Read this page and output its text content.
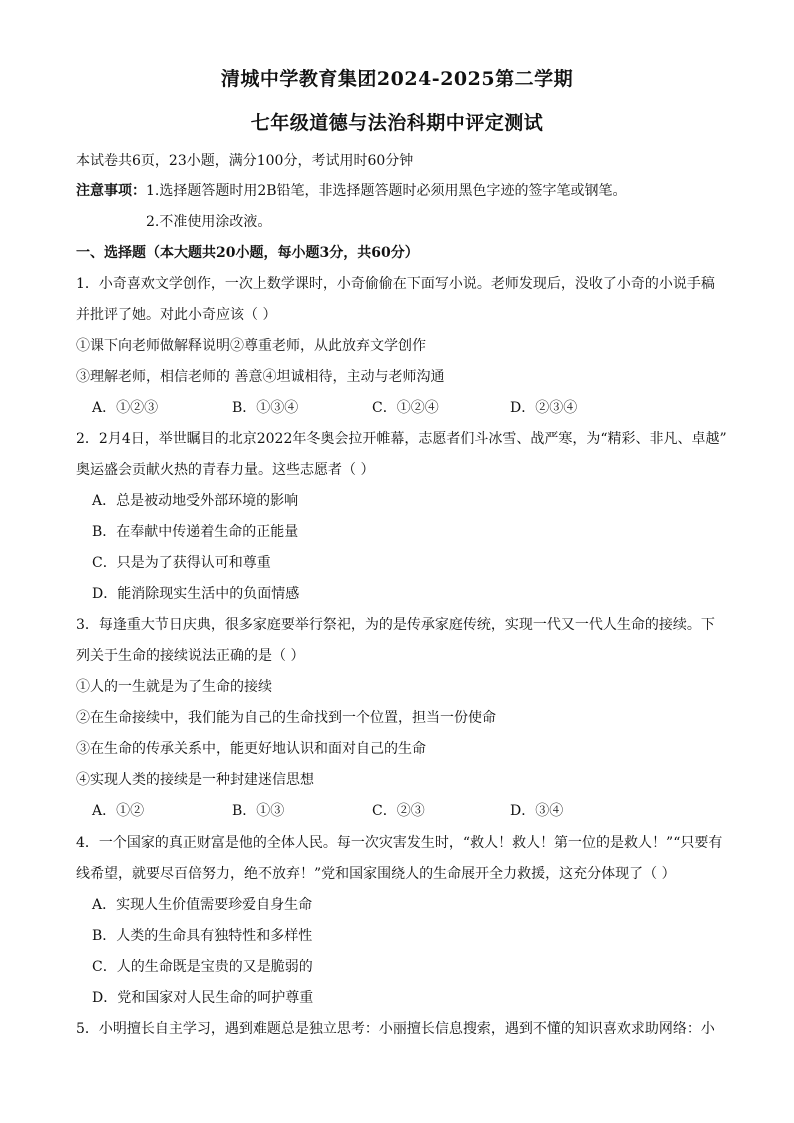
清城中学教育集团2024-2025第二学期
七年级道德与法治科期中评定测试
本试卷共6页，23小题，满分100分，考试用时60分钟
注意事项：1.选择题答题时用2B铅笔，非选择题答题时必须用黑色字迹的签字笔或钢笔。
2.不准使用涂改液。
一、选择题（本大题共20小题，每小题3分，共60分）
1．小奇喜欢文学创作，一次上数学课时，小奇偷偷在下面写小说。老师发现后，没收了小奇的小说手稿
并批评了她。对此小奇应该（ ）
①课下向老师做解释说明②尊重老师，从此放弃文学创作
③理解老师，相信老师的 善意④坦诚相待，主动与老师沟通
A．①②③	B．①③④	C．①②④	D．②③④
2．2月4日，举世瞩目的北京2022年冬奥会拉开帷幕，志愿者们斗冰雪、战严寒，为“精彩、非凡、卓越”
奥运盛会贡献火热的青春力量。这些志愿者（ ）
A．总是被动地受外部环境的影响
B．在奉献中传递着生命的正能量
C．只是为了获得认可和尊重
D．能消除现实生活中的负面情感
3．每逢重大节日庆典，很多家庭要举行祭祀，为的是传承家庭传统，实现一代又一代人生命的接续。下
列关于生命的接续说法正确的是（ ）
①人的一生就是为了生命的接续
②在生命接续中，我们能为自己的生命找到一个位置，担当一份使命
③在生命的传承关系中，能更好地认识和面对自己的生命
④实现人类的接续是一种封建迷信思想
A．①②	B．①③	C．②③	D．③④
4．一个国家的真正财富是他的全体人民。每一次灾害发生时，“救人！救人！第一位的是救人！”“只要有
线希望，就要尽百倍努力，绝不放弃！”党和国家围绕人的生命展开全力救援，这充分体现了（ ）
A．实现人生价值需要珍爱自身生命
B．人类的生命具有独特性和多样性
C．人的生命既是宝贵的又是脆弱的
D．党和国家对人民生命的呵护尊重
5．小明擅长自主学习，遇到难题总是独立思考：小丽擅长信息搜索，遇到不懂的知识喜欢求助网络：小
